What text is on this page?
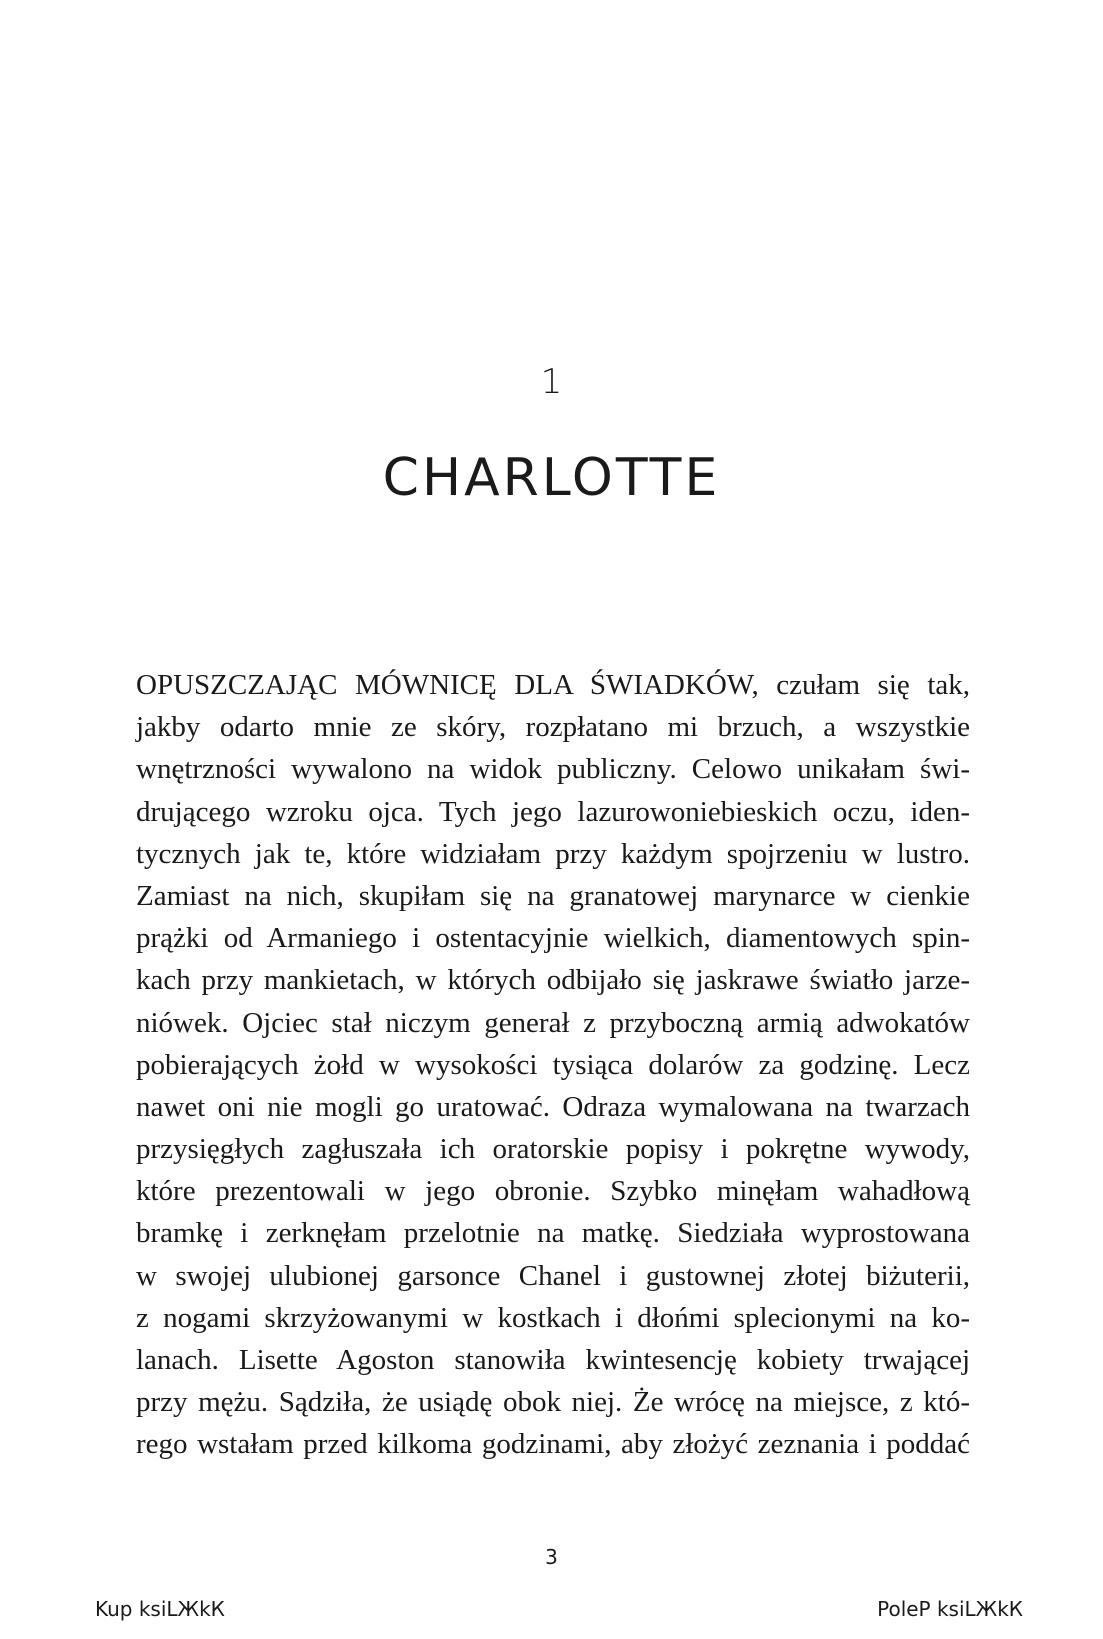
1
CHARLOTTE
OPUSZCZAJĄC MÓWNICĘ DLA ŚWIADKÓW, czułam się tak,
jakby odarto mnie ze skóry, rozpłatano mi brzuch, a wszystkie
wnętrzności wywalono na widok publiczny. Celowo unikałam świ-
drującego wzroku ojca. Tych jego lazurowoniebieskich oczu, iden-
tycznych jak te, które widziałam przy każdym spojrzeniu w lustro.
Zamiast na nich, skupiłam się na granatowej marynarce w cienkie
prążki od Armaniego i ostentacyjnie wielkich, diamentowych spin-
kach przy mankietach, w których odbijało się jaskrawe światło jarze-
niówek. Ojciec stał niczym generał z przyboczną armią adwokatów
pobierających żołd w wysokości tysiąca dolarów za godzinę. Lecz
nawet oni nie mogli go uratować. Odraza wymalowana na twarzach
przysięgłych zagłuszała ich oratorskie popisy i pokrętne wywody,
które prezentowali w jego obronie. Szybko minęłam wahadłową
bramkę i zerknęłam przelotnie na matkę. Siedziała wyprostowana
w swojej ulubionej garsonce Chanel i gustownej złotej biżuterii,
z nogami skrzyżowanymi w kostkach i dłońmi splecionymi na ko-
lanach. Lisette Agoston stanowiła kwintesencję kobiety trwającej
przy mężu. Sądziła, że usiądę obok niej. Że wrócę na miejsce, z któ-
rego wstałam przed kilkoma godzinami, aby złożyć zeznania i poddać
3
Kup ksiLЖkК	PoleР ksiLЖkК
